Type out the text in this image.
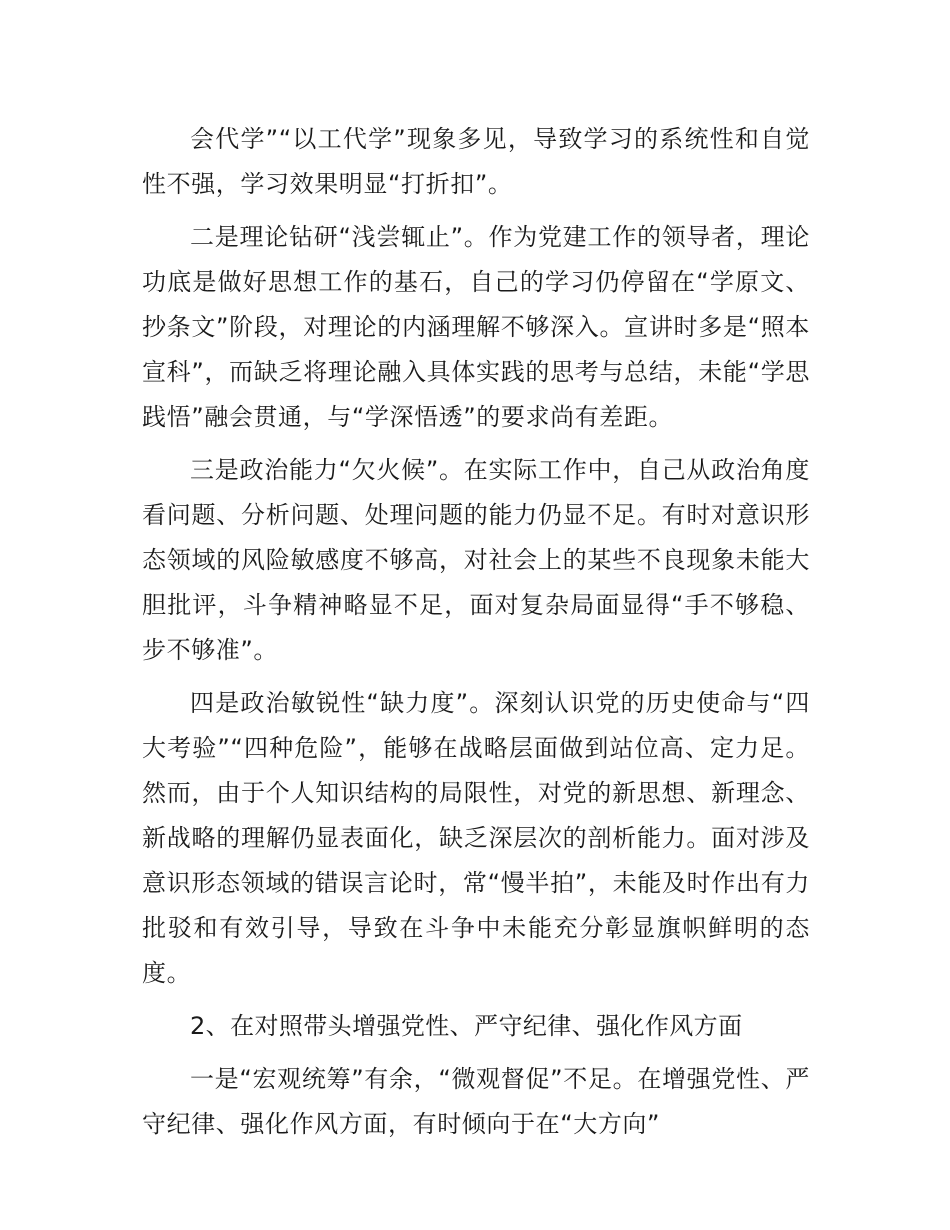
会代学”“以工代学”现象多见，导致学习的系统性和自觉性不强，学习效果明显“打折扣”。

二是理论钻研“浅尝辄止”。作为党建工作的领导者，理论功底是做好思想工作的基石，自己的学习仍停留在“学原文、抄条文”阶段，对理论的内涵理解不够深入。宣讲时多是“照本宣科”，而缺乏将理论融入具体实践的思考与总结，未能“学思践悟”融会贯通，与“学深悟透”的要求尚有差距。

三是政治能力“欠火候”。在实际工作中，自己从政治角度看问题、分析问题、处理问题的能力仍显不足。有时对意识形态领域的风险敏感度不够高，对社会上的某些不良现象未能大胆批评，斗争精神略显不足，面对复杂局面显得“手不够稳、步不够准”。

四是政治敏锐性“缺力度”。深刻认识党的历史使命与“四大考验”“四种危险”，能够在战略层面做到站位高、定力足。然而，由于个人知识结构的局限性，对党的新思想、新理念、新战略的理解仍显表面化，缺乏深层次的剖析能力。面对涉及意识形态领域的错误言论时，常“慢半拍”，未能及时作出有力批驳和有效引导，导致在斗争中未能充分彰显旗帜鲜明的态度。

2、在对照带头增强党性、严守纪律、强化作风方面

一是“宏观统筹”有余，“微观督促”不足。在增强党性、严守纪律、强化作风方面，有时倾向于在“大方向”
